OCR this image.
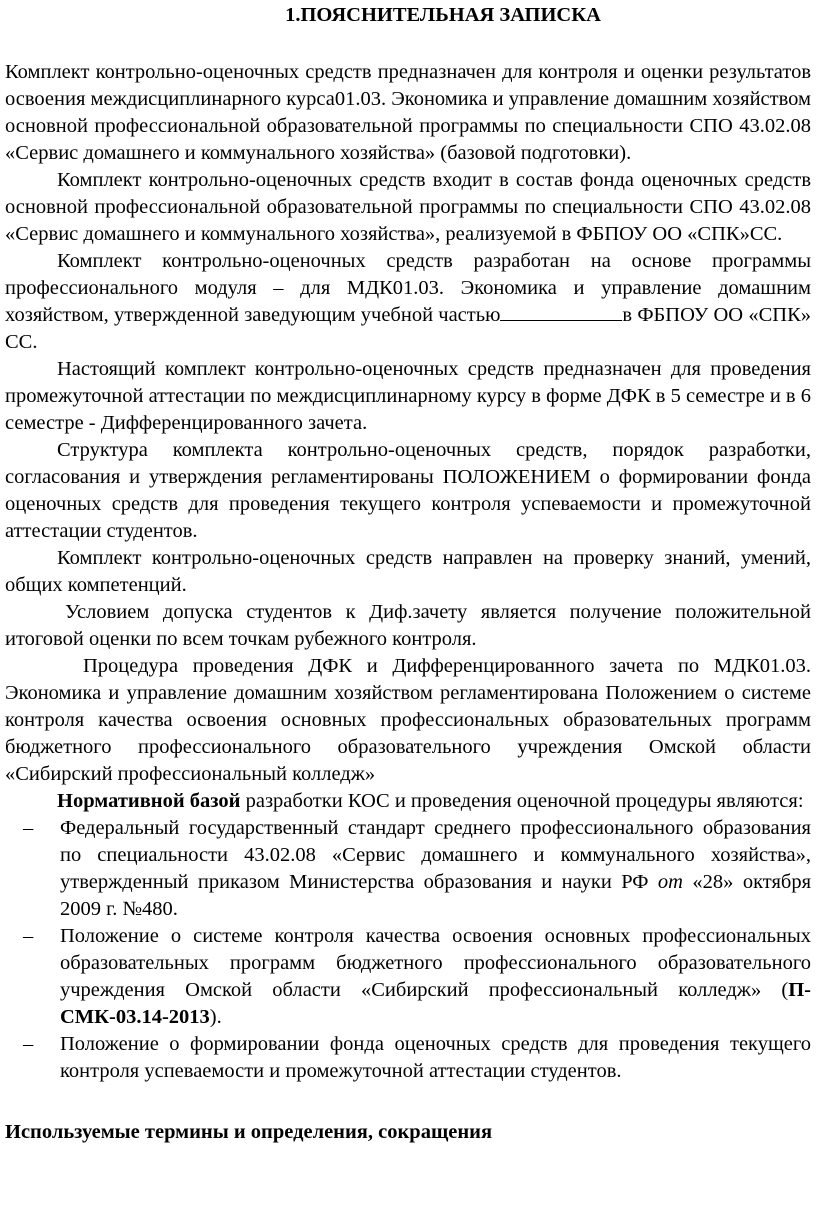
1.ПОЯСНИТЕЛЬНАЯ ЗАПИСКА

Комплект контрольно-оценочных средств предназначен для контроля и оценки результатов освоения междисциплинарного курса01.03. Экономика и управление домашним хозяйством основной профессиональной образовательной программы по специальности СПО 43.02.08 «Сервис домашнего и коммунального хозяйства» (базовой подготовки).

Комплект контрольно-оценочных средств входит в состав фонда оценочных средств основной профессиональной образовательной программы по специальности СПО 43.02.08 «Сервис домашнего и коммунального хозяйства», реализуемой в ФБПОУ ОО «СПК»СС.

Комплект контрольно-оценочных средств разработан на основе программы профессионального модуля – для МДК01.03. Экономика и управление домашним хозяйством, утвержденной заведующим учебной частью	в ФБПОУ ОО «СПК» СС.

Настоящий комплект контрольно-оценочных средств предназначен для проведения промежуточной аттестации по междисциплинарному курсу в форме ДФК в 5 семестре и в 6 семестре - Дифференцированного зачета.

Структура комплекта контрольно-оценочных средств, порядок разработки, согласования и утверждения регламентированы ПОЛОЖЕНИЕМ о формировании фонда оценочных средств для проведения текущего контроля успеваемости и промежуточной аттестации студентов.

Комплект контрольно-оценочных средств направлен на проверку знаний, умений, общих компетенций.

Условием допуска студентов к Диф.зачету является получение положительной итоговой оценки по всем точкам рубежного контроля.

Процедура проведения ДФК и Дифференцированного зачета по МДК01.03. Экономика и управление домашним хозяйством регламентирована Положением о системе контроля качества освоения основных профессиональных образовательных программ бюджетного профессионального образовательного учреждения Омской области «Сибирский профессиональный колледж»

Нормативной базой разработки КОС и проведения оценочной процедуры являются:

– Федеральный государственный стандарт среднего профессионального образования по специальности 43.02.08 «Сервис домашнего и коммунального хозяйства», утвержденный приказом Министерства образования и науки РФ от «28» октября 2009 г. №480.
– Положение о системе контроля качества освоения основных профессиональных образовательных программ бюджетного профессионального образовательного учреждения Омской области «Сибирский профессиональный колледж» (П-СМК-03.14-2013).
– Положение о формировании фонда оценочных средств для проведения текущего контроля успеваемости и промежуточной аттестации студентов.

Используемые термины и определения, сокращения
